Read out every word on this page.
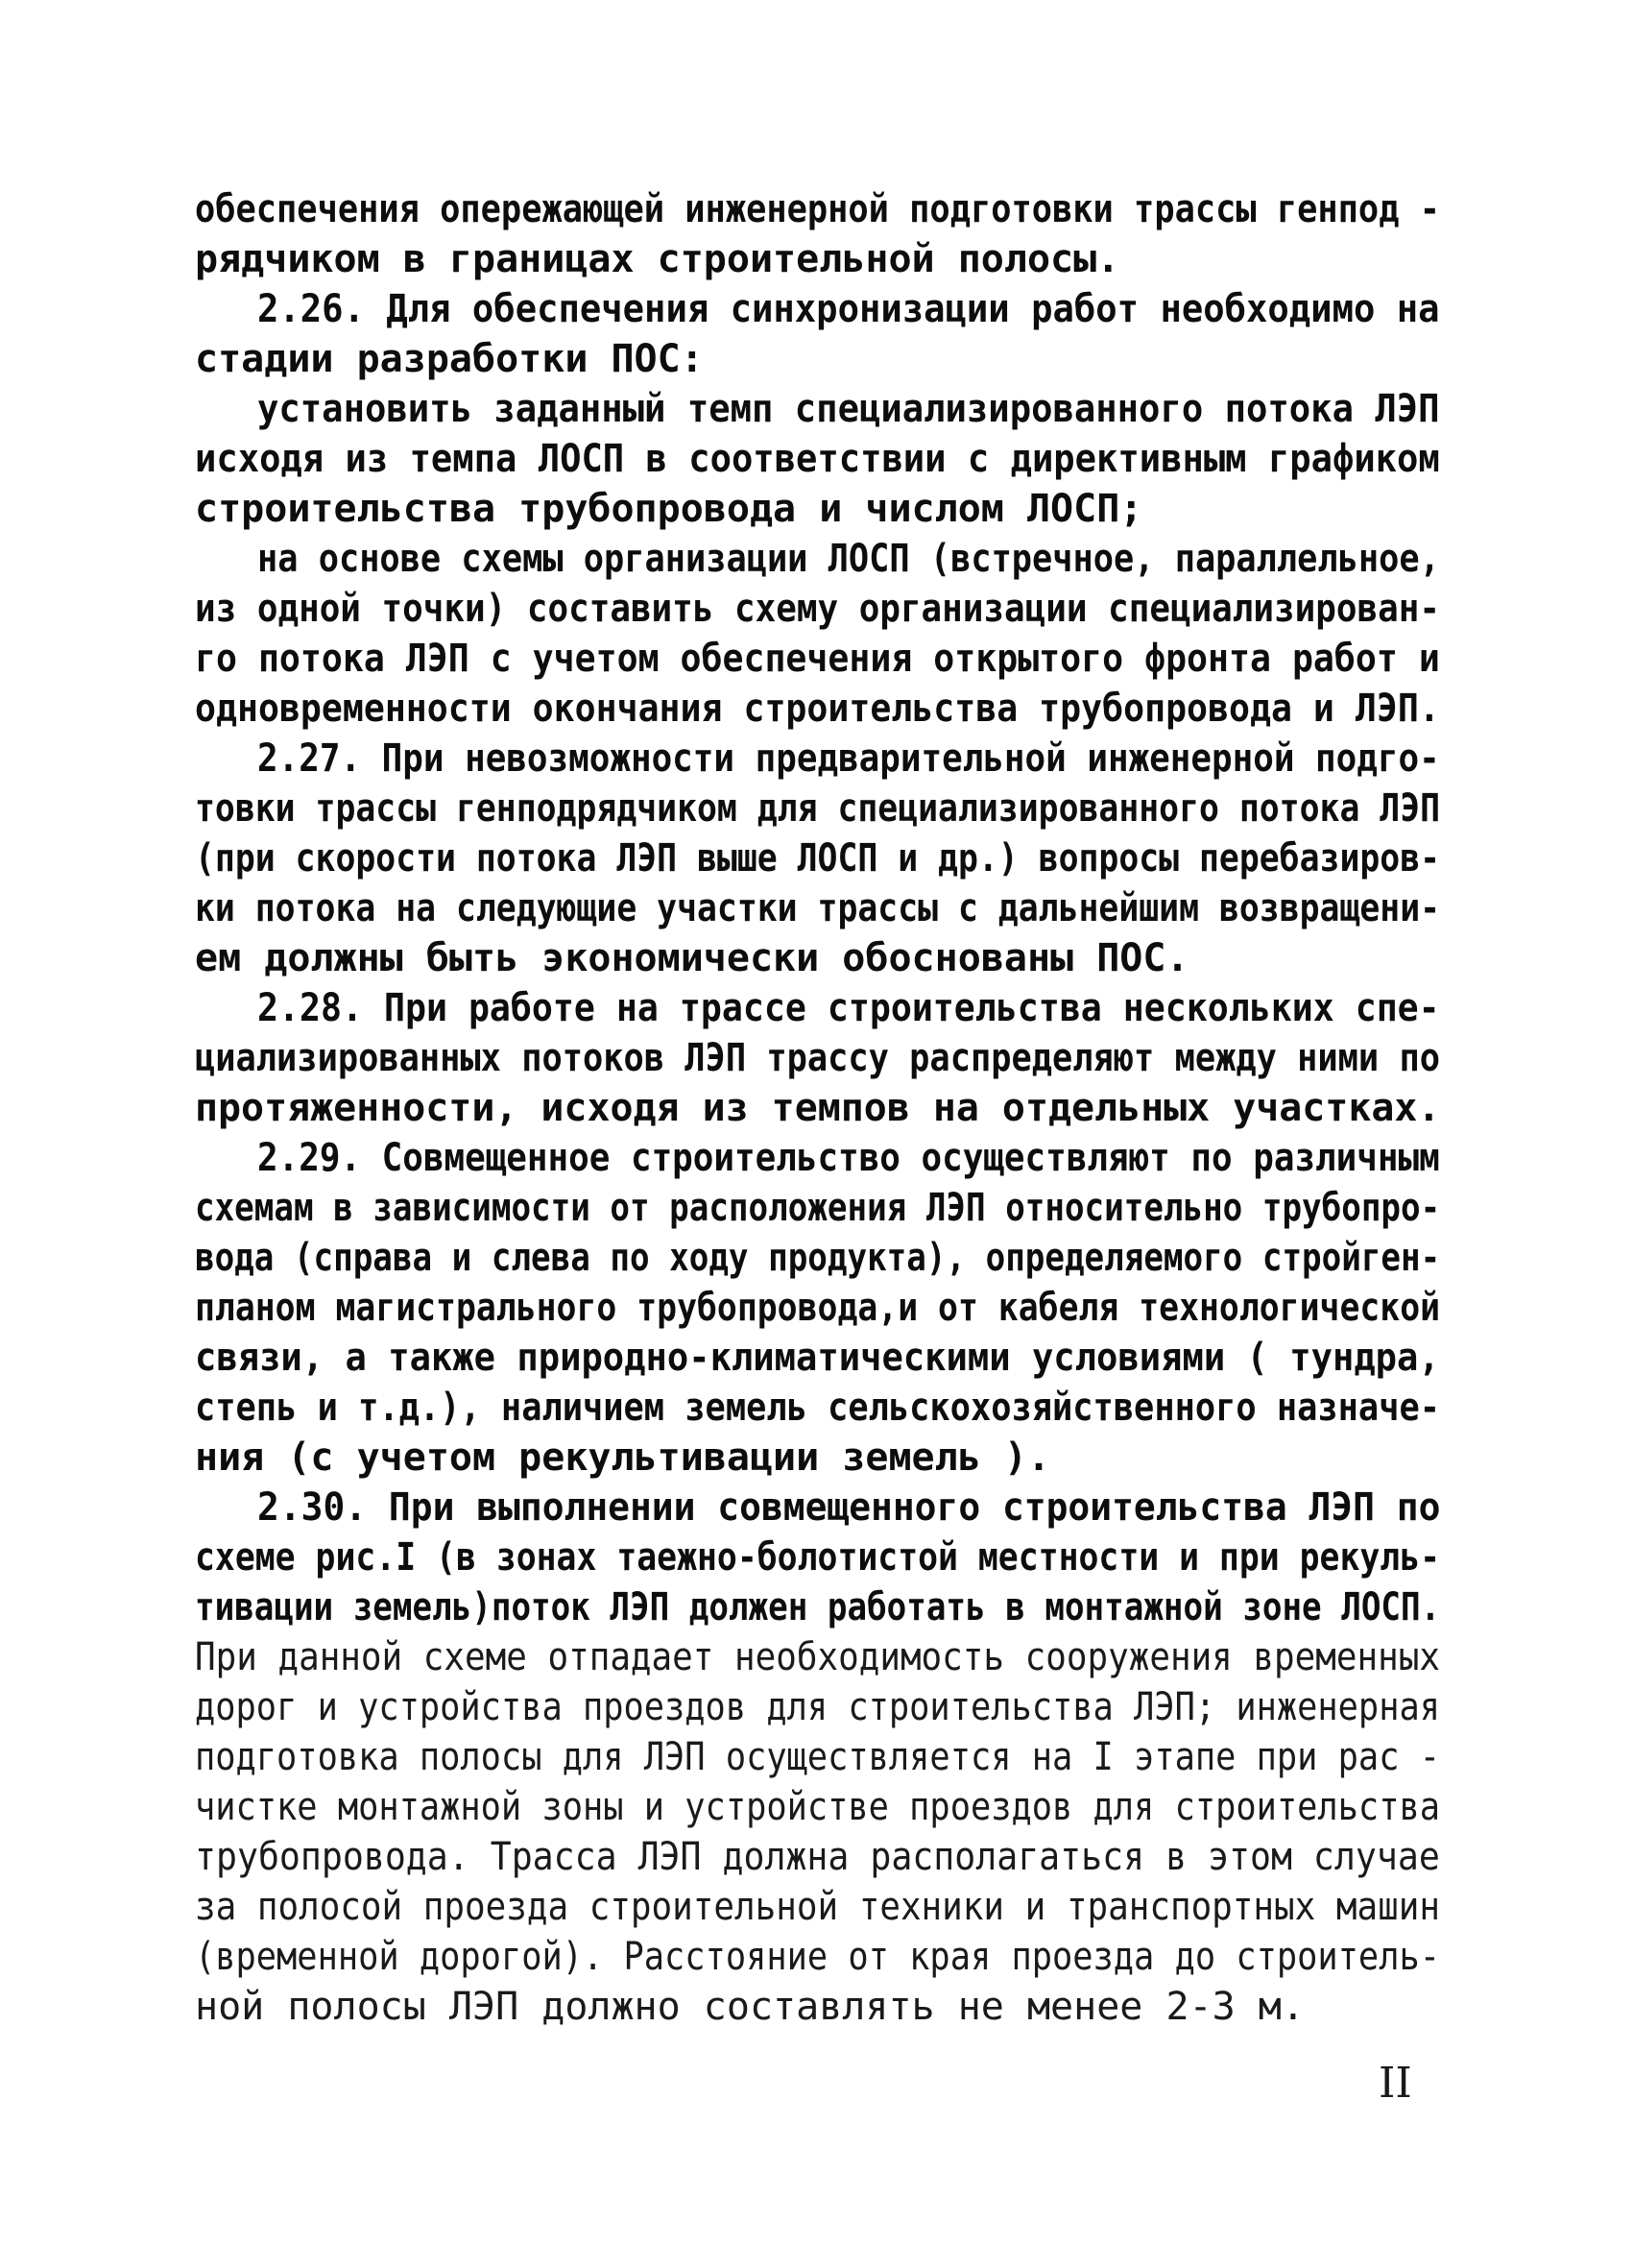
обеспечения опережающей инженерной подготовки трассы генпод -
рядчиком в границах строительной полосы.
2.26. Для обеспечения синхронизации работ необходимо на
стадии разработки ПОС:
установить заданный темп специализированного потока ЛЭП
исходя из темпа ЛОСП в соответствии с директивным графиком
строительства трубопровода и числом ЛОСП;
на основе схемы организации ЛОСП (встречное, параллельное,
из одной точки) составить схему организации специализирован-
го потока ЛЭП с учетом обеспечения открытого фронта работ и
одновременности окончания строительства трубопровода и ЛЭП.
2.27. При невозможности предварительной инженерной подго-
товки трассы генподрядчиком для специализированного потока ЛЭП
(при скорости потока ЛЭП выше ЛОСП и др.) вопросы перебазиров-
ки потока на следующие участки трассы с дальнейшим возвращени-
ем должны быть экономически обоснованы ПОС.
2.28. При работе на трассе строительства нескольких спе-
циализированных потоков ЛЭП трассу распределяют между ними по
протяженности, исходя из темпов на отдельных участках.
2.29. Совмещенное строительство осуществляют по различным
схемам в зависимости от расположения ЛЭП относительно трубопро-
вода (справа и слева по ходу продукта), определяемого стройген-
планом магистрального трубопровода,и от кабеля технологической
связи, а также природно-климатическими условиями ( тундра,
степь и т.д.), наличием земель сельскохозяйственного назначе-
ния (с учетом рекультивации земель ).
2.30. При выполнении совмещенного строительства ЛЭП по
схеме рис.I (в зонах таежно-болотистой местности и при рекуль-
тивации земель)поток ЛЭП должен работать в монтажной зоне ЛОСП.
При данной схеме отпадает необходимость сооружения временных
дорог и устройства проездов для строительства ЛЭП; инженерная
подготовка полосы для ЛЭП осуществляется на I этапе при рас -
чистке монтажной зоны и устройстве проездов для строительства
трубопровода. Трасса ЛЭП должна располагаться в этом случае
за полосой проезда строительной техники и транспортных машин
(временной дорогой). Расстояние от края проезда до строитель-
ной полосы ЛЭП должно составлять не менее 2-3 м.
II
